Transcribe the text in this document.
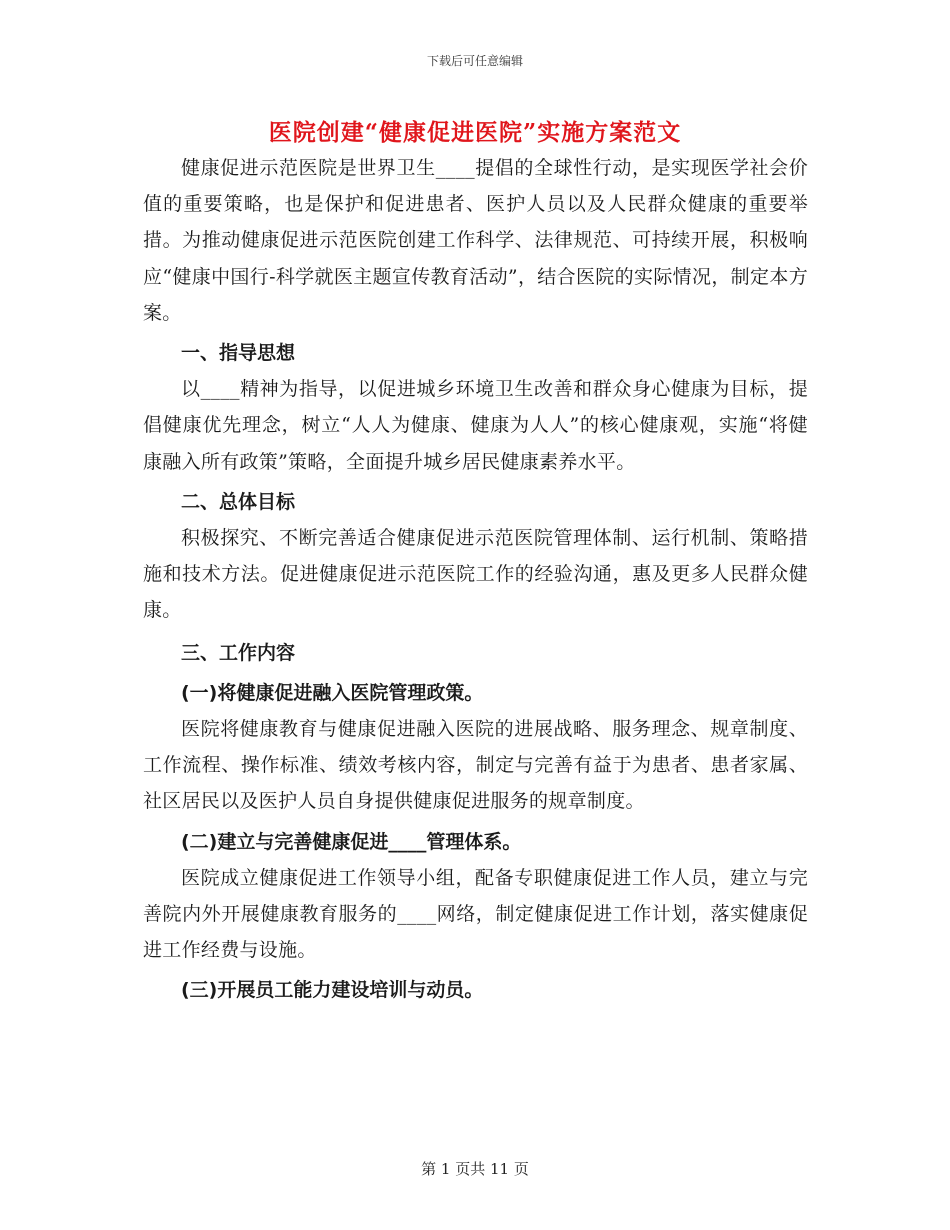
下载后可任意编辑
医院创建“健康促进医院”实施方案范文

健康促进示范医院是世界卫生____提倡的全球性行动，是实现医学社会价值的重要策略，也是保护和促进患者、医护人员以及人民群众健康的重要举措。为推动健康促进示范医院创建工作科学、法律规范、可持续开展，积极响应“健康中国行-科学就医主题宣传教育活动”，结合医院的实际情况，制定本方案。

一、指导思想

以____精神为指导，以促进城乡环境卫生改善和群众身心健康为目标，提倡健康优先理念，树立“人人为健康、健康为人人”的核心健康观，实施“将健康融入所有政策”策略，全面提升城乡居民健康素养水平。

二、总体目标

积极探究、不断完善适合健康促进示范医院管理体制、运行机制、策略措施和技术方法。促进健康促进示范医院工作的经验沟通，惠及更多人民群众健康。

三、工作内容

(一)将健康促进融入医院管理政策。

医院将健康教育与健康促进融入医院的进展战略、服务理念、规章制度、工作流程、操作标准、绩效考核内容，制定与完善有益于为患者、患者家属、社区居民以及医护人员自身提供健康促进服务的规章制度。

(二)建立与完善健康促进____管理体系。

医院成立健康促进工作领导小组，配备专职健康促进工作人员，建立与完善院内外开展健康教育服务的____网络，制定健康促进工作计划，落实健康促进工作经费与设施。

(三)开展员工能力建设培训与动员。

第 1 页共 11 页
